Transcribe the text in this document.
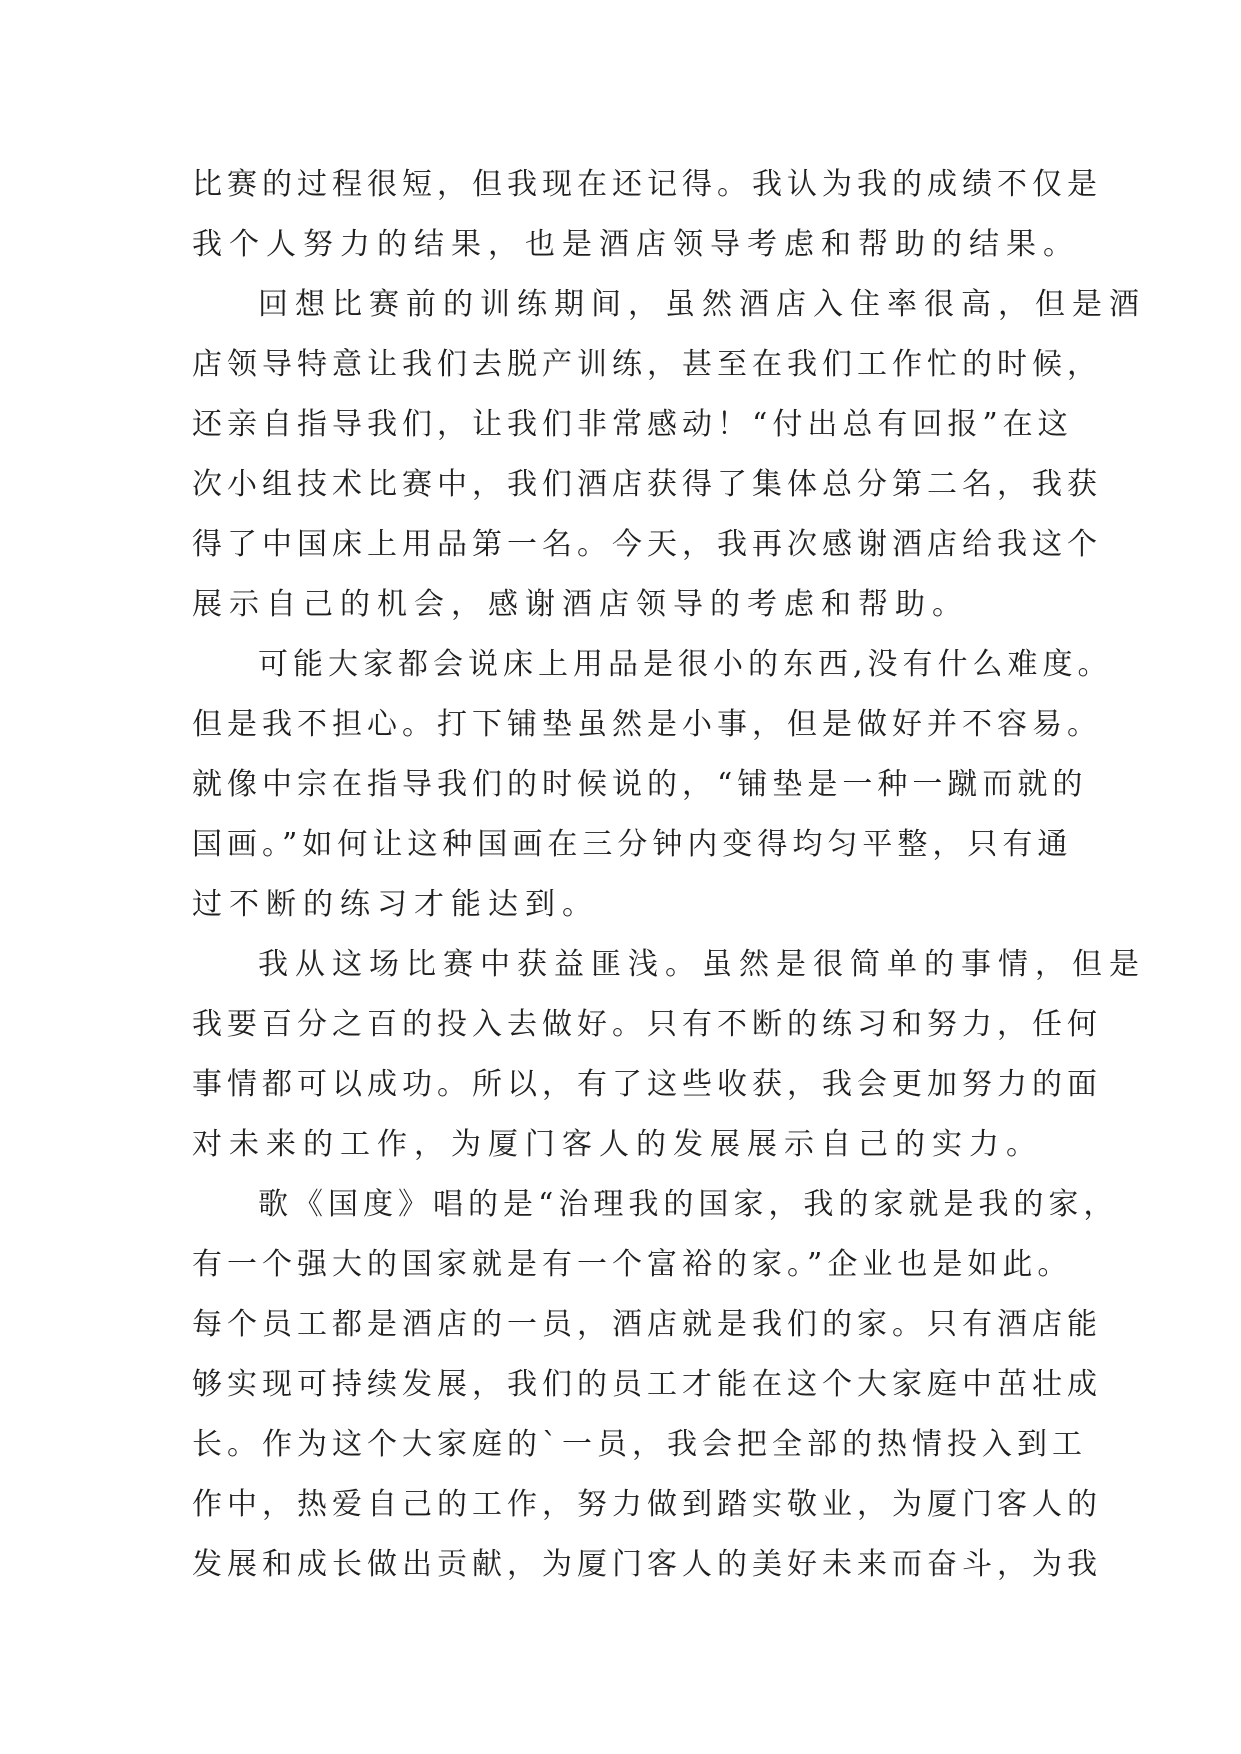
比赛的过程很短，但我现在还记得。我认为我的成绩不仅是
我个人努力的结果，也是酒店领导考虑和帮助的结果。
回想比赛前的训练期间，虽然酒店入住率很高，但是酒
店领导特意让我们去脱产训练，甚至在我们工作忙的时候，
还亲自指导我们，让我们非常感动！“付出总有回报”在这
次小组技术比赛中，我们酒店获得了集体总分第二名，我获
得了中国床上用品第一名。今天，我再次感谢酒店给我这个
展示自己的机会，感谢酒店领导的考虑和帮助。
可能大家都会说床上用品是很小的东西,没有什么难度。
但是我不担心。打下铺垫虽然是小事，但是做好并不容易。
就像中宗在指导我们的时候说的，“铺垫是一种一蹴而就的
国画。”如何让这种国画在三分钟内变得均匀平整，只有通
过不断的练习才能达到。
我从这场比赛中获益匪浅。虽然是很简单的事情，但是
我要百分之百的投入去做好。只有不断的练习和努力，任何
事情都可以成功。所以，有了这些收获，我会更加努力的面
对未来的工作，为厦门客人的发展展示自己的实力。
歌《国度》唱的是“治理我的国家，我的家就是我的家，
有一个强大的国家就是有一个富裕的家。”企业也是如此。
每个员工都是酒店的一员，酒店就是我们的家。只有酒店能
够实现可持续发展，我们的员工才能在这个大家庭中茁壮成
长。作为这个大家庭的`一员，我会把全部的热情投入到工
作中，热爱自己的工作，努力做到踏实敬业，为厦门客人的
发展和成长做出贡献，为厦门客人的美好未来而奋斗，为我
